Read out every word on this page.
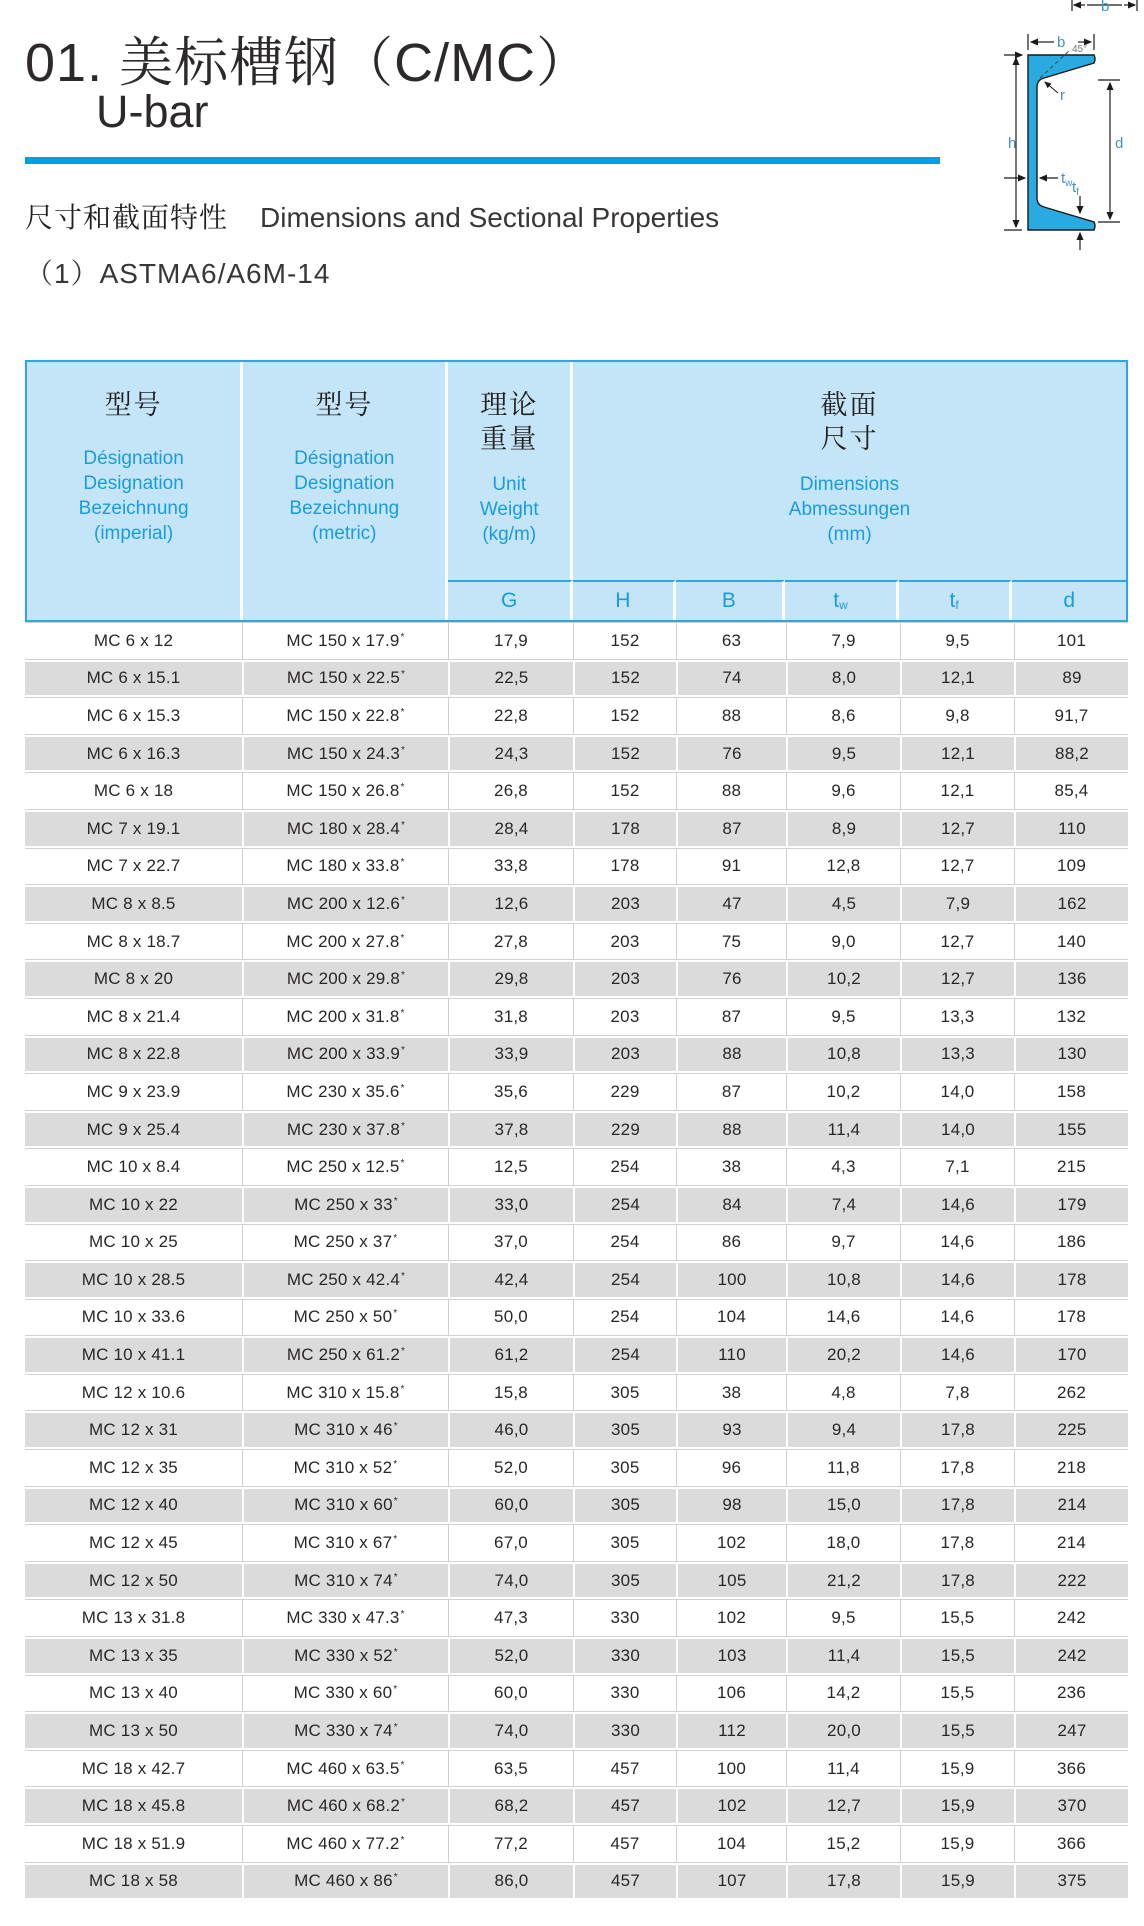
01. 美标槽钢（C/MC）
U-bar
尺寸和截面特性 Dimensions and Sectional Properties
（1）ASTMA6/A6M-14
b
b 45°
r
h	d
$t_w$ $t_f$
型号
Désignation
Designation
Bezeichnung
(imperial)
型号
Désignation
Designation
Bezeichnung
(metric)
理论
重量
Unit
Weight
(kg/m)
截面
尺寸
Dimensions
Abmessungen
(mm)
G	H	B	t w	t f	d
MC 6 x 12	MC 150 x 17.9 *	17,9	152	63	7,9	9,5	101
MC 6 x 15.1	MC 150 x 22.5 *	22,5	152	74	8,0	12,1	89
MC 6 x 15.3	MC 150 x 22.8 *	22,8	152	88	8,6	9,8	91,7
MC 6 x 16.3	MC 150 x 24.3 *	24,3	152	76	9,5	12,1	88,2
MC 6 x 18	MC 150 x 26.8 *	26,8	152	88	9,6	12,1	85,4
MC 7 x 19.1	MC 180 x 28.4 *	28,4	178	87	8,9	12,7	110
MC 7 x 22.7	MC 180 x 33.8 *	33,8	178	91	12,8	12,7	109
MC 8 x 8.5	MC 200 x 12.6 *	12,6	203	47	4,5	7,9	162
MC 8 x 18.7	MC 200 x 27.8 *	27,8	203	75	9,0	12,7	140
MC 8 x 20	MC 200 x 29.8 *	29,8	203	76	10,2	12,7	136
MC 8 x 21.4	MC 200 x 31.8 *	31,8	203	87	9,5	13,3	132
MC 8 x 22.8	MC 200 x 33.9 *	33,9	203	88	10,8	13,3	130
MC 9 x 23.9	MC 230 x 35.6 *	35,6	229	87	10,2	14,0	158
MC 9 x 25.4	MC 230 x 37.8 *	37,8	229	88	11,4	14,0	155
MC 10 x 8.4	MC 250 x 12.5 *	12,5	254	38	4,3	7,1	215
MC 10 x 22	MC 250 x 33 *	33,0	254	84	7,4	14,6	179
MC 10 x 25	MC 250 x 37 *	37,0	254	86	9,7	14,6	186
MC 10 x 28.5	MC 250 x 42.4 *	42,4	254	100	10,8	14,6	178
MC 10 x 33.6	MC 250 x 50 *	50,0	254	104	14,6	14,6	178
MC 10 x 41.1	MC 250 x 61.2 *	61,2	254	110	20,2	14,6	170
MC 12 x 10.6	MC 310 x 15.8 *	15,8	305	38	4,8	7,8	262
MC 12 x 31	MC 310 x 46 *	46,0	305	93	9,4	17,8	225
MC 12 x 35	MC 310 x 52 *	52,0	305	96	11,8	17,8	218
MC 12 x 40	MC 310 x 60 *	60,0	305	98	15,0	17,8	214
MC 12 x 45	MC 310 x 67 *	67,0	305	102	18,0	17,8	214
MC 12 x 50	MC 310 x 74 *	74,0	305	105	21,2	17,8	222
MC 13 x 31.8	MC 330 x 47.3 *	47,3	330	102	9,5	15,5	242
MC 13 x 35	MC 330 x 52 *	52,0	330	103	11,4	15,5	242
MC 13 x 40	MC 330 x 60 *	60,0	330	106	14,2	15,5	236
MC 13 x 50	MC 330 x 74 *	74,0	330	112	20,0	15,5	247
MC 18 x 42.7	MC 460 x 63.5 *	63,5	457	100	11,4	15,9	366
MC 18 x 45.8	MC 460 x 68.2 *	68,2	457	102	12,7	15,9	370
MC 18 x 51.9	MC 460 x 77.2 *	77,2	457	104	15,2	15,9	366
MC 18 x 58	MC 460 x 86 *	86,0	457	107	17,8	15,9	375
